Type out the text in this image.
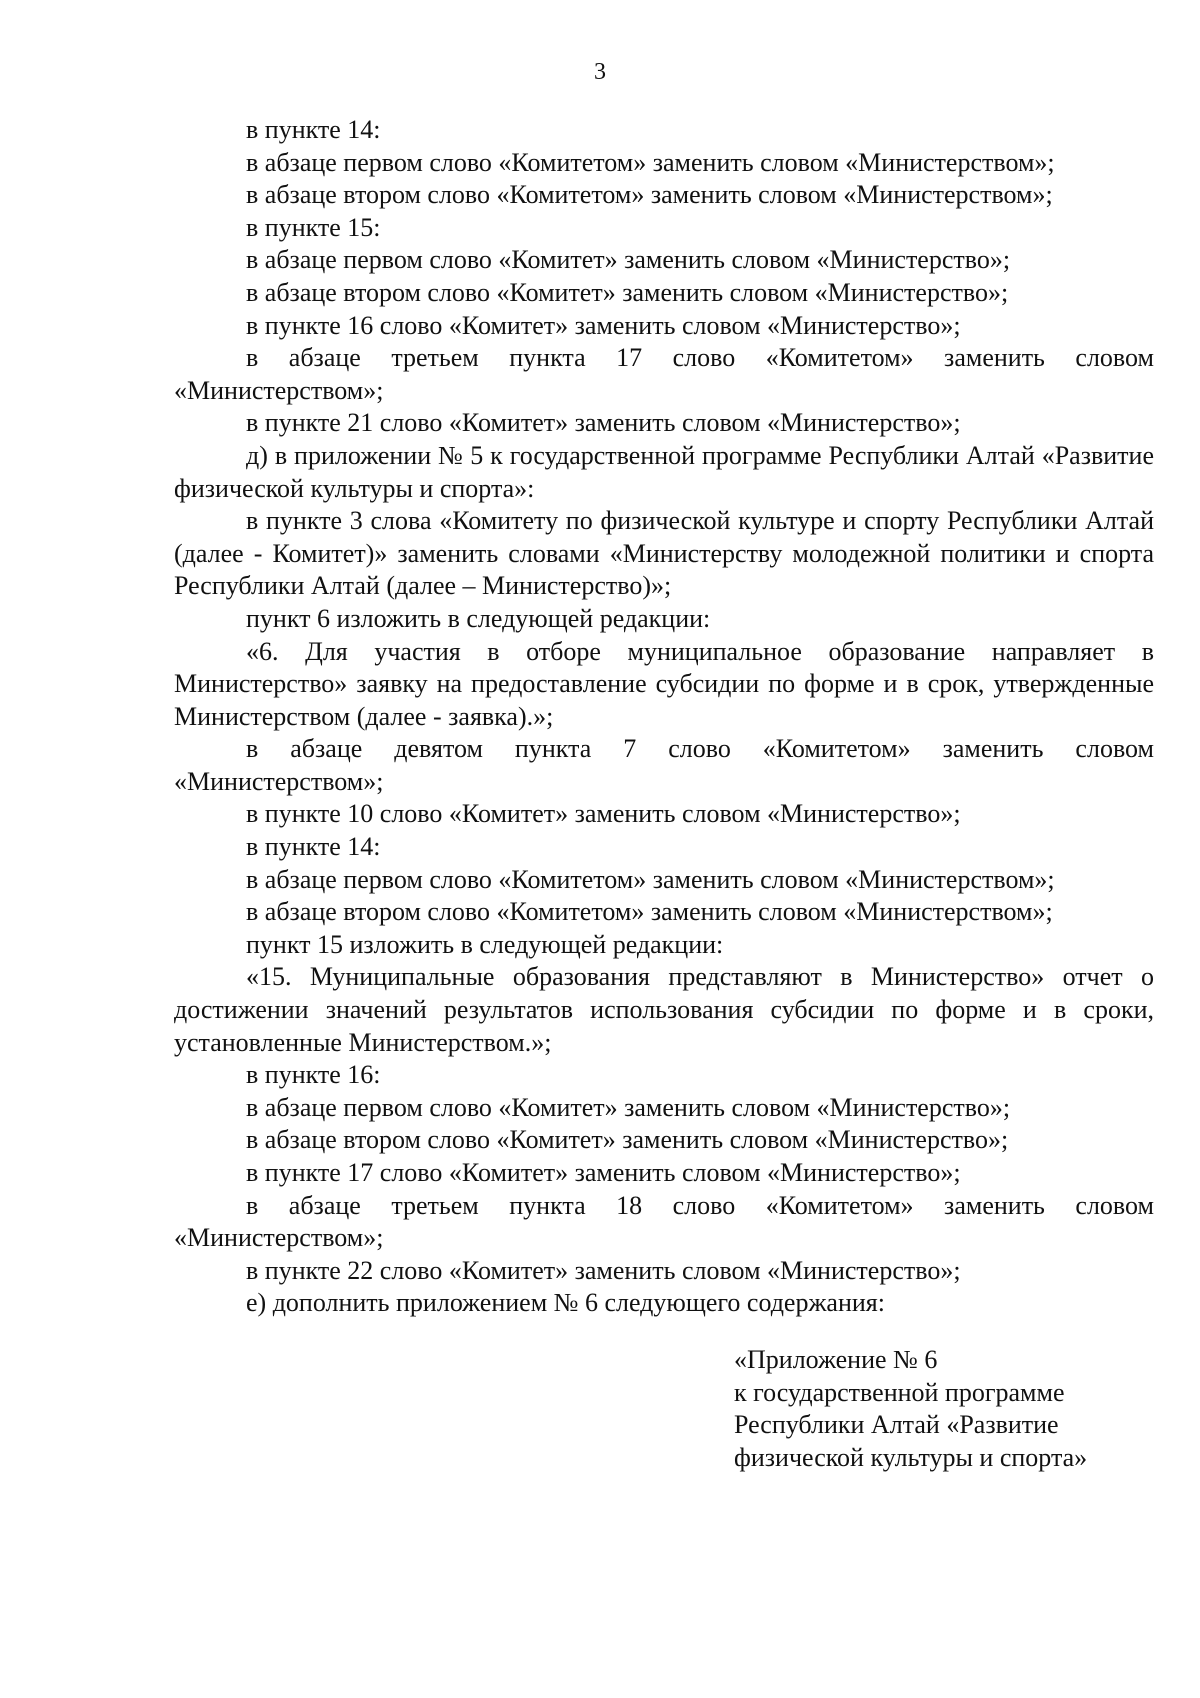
3

в пункте 14:

в абзаце первом слово «Комитетом» заменить словом «Министерством»;

в абзаце втором слово «Комитетом» заменить словом «Министерством»;

в пункте 15:

в абзаце первом слово «Комитет» заменить словом «Министерство»;

в абзаце втором слово «Комитет» заменить словом «Министерство»;

в пункте 16 слово «Комитет» заменить словом «Министерство»;

в абзаце третьем пункта 17 слово «Комитетом» заменить словом «Министерством»;

в пункте 21 слово «Комитет» заменить словом «Министерство»;

д) в приложении № 5 к государственной программе Республики Алтай «Развитие физической культуры и спорта»:

в пункте 3 слова «Комитету по физической культуре и спорту Республики Алтай (далее - Комитет)» заменить словами «Министерству молодежной политики и спорта Республики Алтай (далее – Министерство)»;

пункт 6 изложить в следующей редакции:

«6. Для участия в отборе муниципальное образование направляет в Министерство» заявку на предоставление субсидии по форме и в срок, утвержденные Министерством (далее - заявка).»;

в абзаце девятом пункта 7 слово «Комитетом» заменить словом «Министерством»;

в пункте 10 слово «Комитет» заменить словом «Министерство»;

в пункте 14:

в абзаце первом слово «Комитетом» заменить словом «Министерством»;

в абзаце втором слово «Комитетом» заменить словом «Министерством»;

пункт 15 изложить в следующей редакции:

«15. Муниципальные образования представляют в Министерство» отчет о достижении значений результатов использования субсидии по форме и в сроки, установленные Министерством.»;

в пункте 16:

в абзаце первом слово «Комитет» заменить словом «Министерство»;

в абзаце втором слово «Комитет» заменить словом «Министерство»;

в пункте 17 слово «Комитет» заменить словом «Министерство»;

в абзаце третьем пункта 18 слово «Комитетом» заменить словом «Министерством»;

в пункте 22 слово «Комитет» заменить словом «Министерство»;

е) дополнить приложением № 6 следующего содержания:

«Приложение № 6

к государственной программе

Республики Алтай «Развитие

физической культуры и спорта»
